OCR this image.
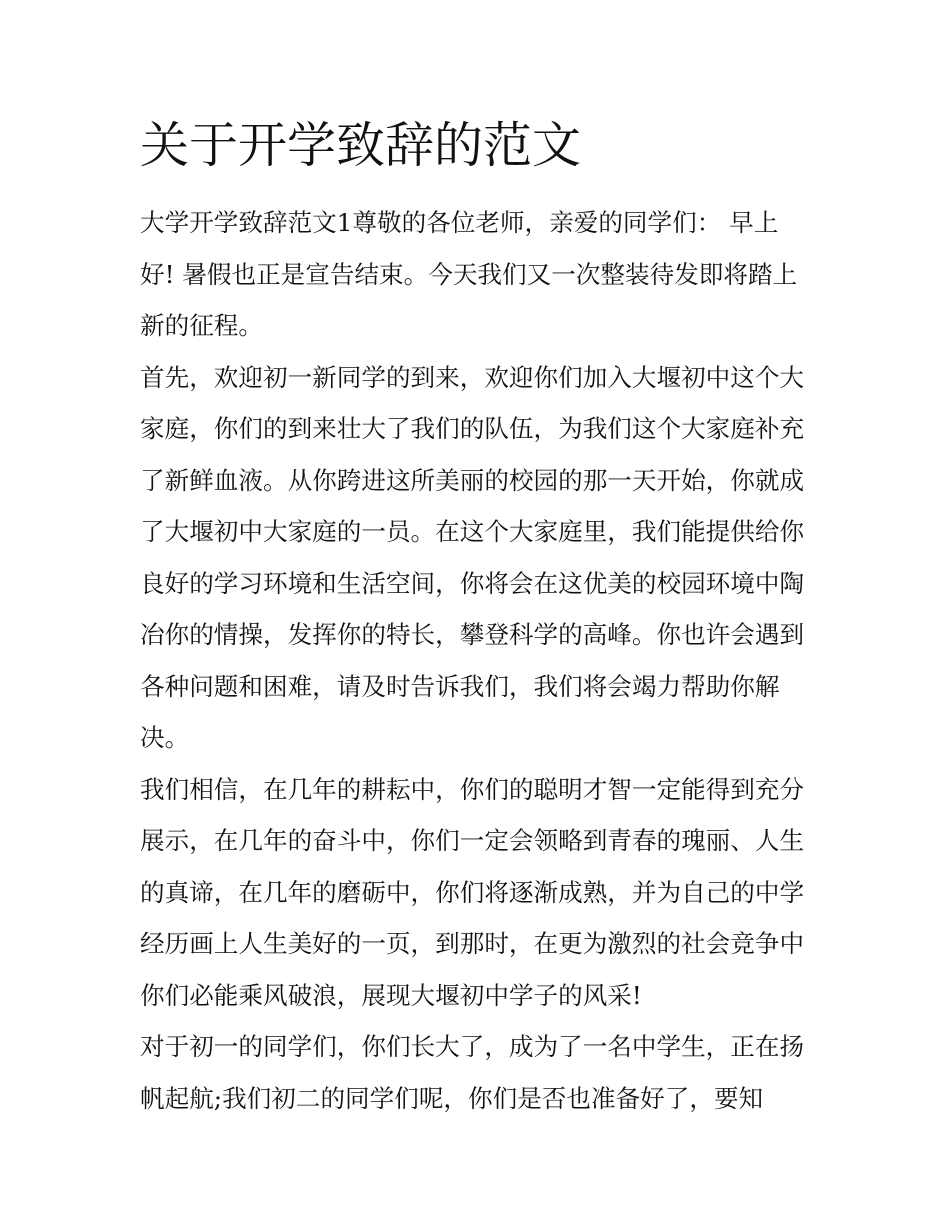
关于开学致辞的范文
大学开学致辞范文1尊敬的各位老师，亲爱的同学们： 早上
好! 暑假也正是宣告结束。今天我们又一次整装待发即将踏上
新的征程。
首先，欢迎初一新同学的到来，欢迎你们加入大堰初中这个大
家庭，你们的到来壮大了我们的队伍，为我们这个大家庭补充
了新鲜血液。从你跨进这所美丽的校园的那一天开始，你就成
了大堰初中大家庭的一员。在这个大家庭里，我们能提供给你
良好的学习环境和生活空间，你将会在这优美的校园环境中陶
冶你的情操，发挥你的特长，攀登科学的高峰。你也许会遇到
各种问题和困难，请及时告诉我们，我们将会竭力帮助你解
决。
我们相信，在几年的耕耘中，你们的聪明才智一定能得到充分
展示，在几年的奋斗中，你们一定会领略到青春的瑰丽、人生
的真谛，在几年的磨砺中，你们将逐渐成熟，并为自己的中学
经历画上人生美好的一页，到那时，在更为激烈的社会竞争中
你们必能乘风破浪，展现大堰初中学子的风采!
对于初一的同学们，你们长大了，成为了一名中学生，正在扬
帆起航;我们初二的同学们呢，你们是否也准备好了，要知
